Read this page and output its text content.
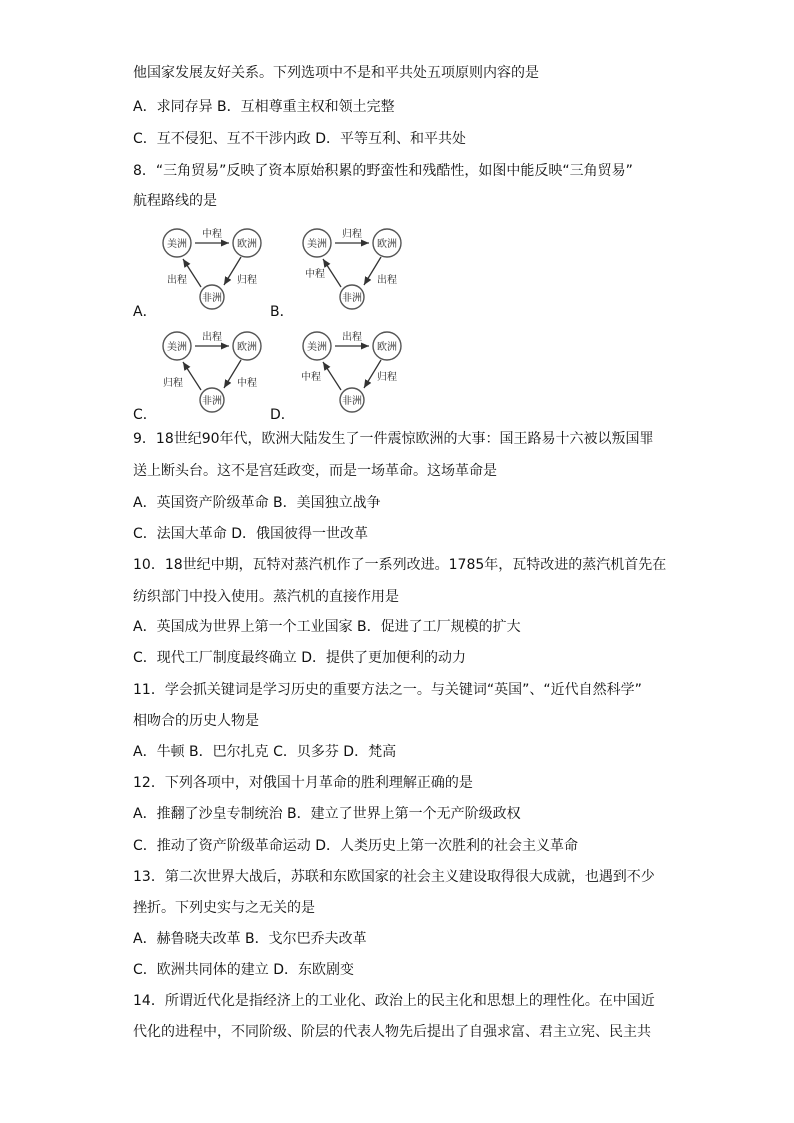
他国家发展友好关系。下列选项中不是和平共处五项原则内容的是
A．求同存异 B．互相尊重主权和领土完整
C．互不侵犯、互不干涉内政 D．平等互利、和平共处
8．“三角贸易”反映了资本原始积累的野蛮性和残酷性，如图中能反映“三角贸易”
航程路线的是
A．	B．
C．	D．
美洲	欧洲
非洲
中程
出程	归程
美洲	欧洲
非洲
归程
中程
出程
美洲	欧洲
非洲
出程
归程	中程
美洲	欧洲
非洲
出程
中程	归程
9．18世纪90年代，欧洲大陆发生了一件震惊欧洲的大事：国王路易十六被以叛国罪
送上断头台。这不是宫廷政变，而是一场革命。这场革命是
A．英国资产阶级革命 B．美国独立战争
C．法国大革命 D．俄国彼得一世改革
10．18世纪中期，瓦特对蒸汽机作了一系列改进。1785年，瓦特改进的蒸汽机首先在
纺织部门中投入使用。蒸汽机的直接作用是
A．英国成为世界上第一个工业国家 B．促进了工厂规模的扩大
C．现代工厂制度最终确立 D．提供了更加便利的动力
11．学会抓关键词是学习历史的重要方法之一。与关键词“英国”、“近代自然科学”
相吻合的历史人物是
A．牛顿 B．巴尔扎克 C．贝多芬 D．梵高
12．下列各项中，对俄国十月革命的胜利理解正确的是
A．推翻了沙皇专制统治 B．建立了世界上第一个无产阶级政权
C．推动了资产阶级革命运动 D．人类历史上第一次胜利的社会主义革命
13．第二次世界大战后，苏联和东欧国家的社会主义建设取得很大成就，也遇到不少
挫折。下列史实与之无关的是
A．赫鲁晓夫改革 B．戈尔巴乔夫改革
C．欧洲共同体的建立 D．东欧剧变
14．所谓近代化是指经济上的工业化、政治上的民主化和思想上的理性化。在中国近
代化的进程中，不同阶级、阶层的代表人物先后提出了自强求富、君主立宪、民主共
